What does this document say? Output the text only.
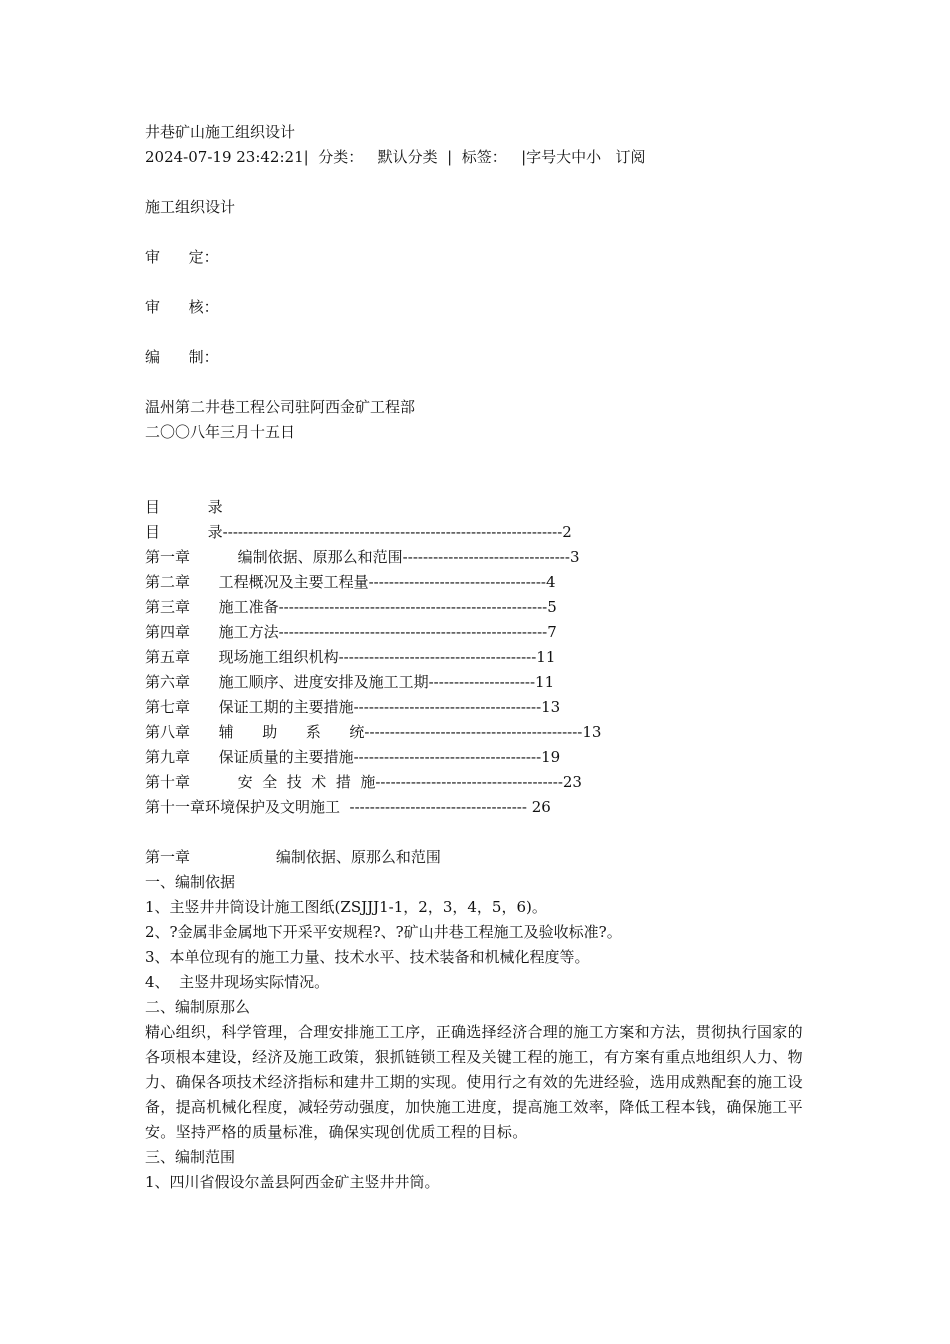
井巷矿山施工组织设计
2024-07-19 23:42:21| 分类： 默认分类 | 标签： |字号大中小 订阅
施工组织设计
审      定：
审      核：
编      制：
温州第二井巷工程公司驻阿西金矿工程部
二〇〇八年三月十五日
目          录
目          录-------------------------------------------------------------------2
第一章          编制依据、原那么和范围---------------------------------3
第二章      工程概况及主要工程量-----------------------------------4
第三章      施工准备-----------------------------------------------------5
第四章      施工方法-----------------------------------------------------7
第五章      现场施工组织机构---------------------------------------11
第六章      施工顺序、进度安排及施工工期---------------------11
第七章      保证工期的主要措施-------------------------------------13
第八章      辅      助      系      统-------------------------------------------13
第九章      保证质量的主要措施-------------------------------------19
第十章          安  全  技  术  措  施-------------------------------------23
第十一章环境保护及文明施工  ----------------------------------- 26
第一章                  编制依据、原那么和范围
一、编制依据
1、主竖井井筒设计施工图纸(ZSJJJ1-1，2，3，4，5，6)。
2、?金属非金属地下开采平安规程?、?矿山井巷工程施工及验收标准?。
3、本单位现有的施工力量、技术水平、技术装备和机械化程度等。
4、  主竖井现场实际情况。
二、编制原那么
精心组织，科学管理，合理安排施工工序，正确选择经济合理的施工方案和方法，贯彻执行国家的各项根本建设，经济及施工政策，狠抓链锁工程及关键工程的施工，有方案有重点地组织人力、物力、确保各项技术经济指标和建井工期的实现。使用行之有效的先进经验，选用成熟配套的施工设备，提高机械化程度，减轻劳动强度，加快施工进度，提高施工效率，降低工程本钱，确保施工平安。坚持严格的质量标准，确保实现创优质工程的目标。
三、编制范围
1、四川省假设尔盖县阿西金矿主竖井井筒。
